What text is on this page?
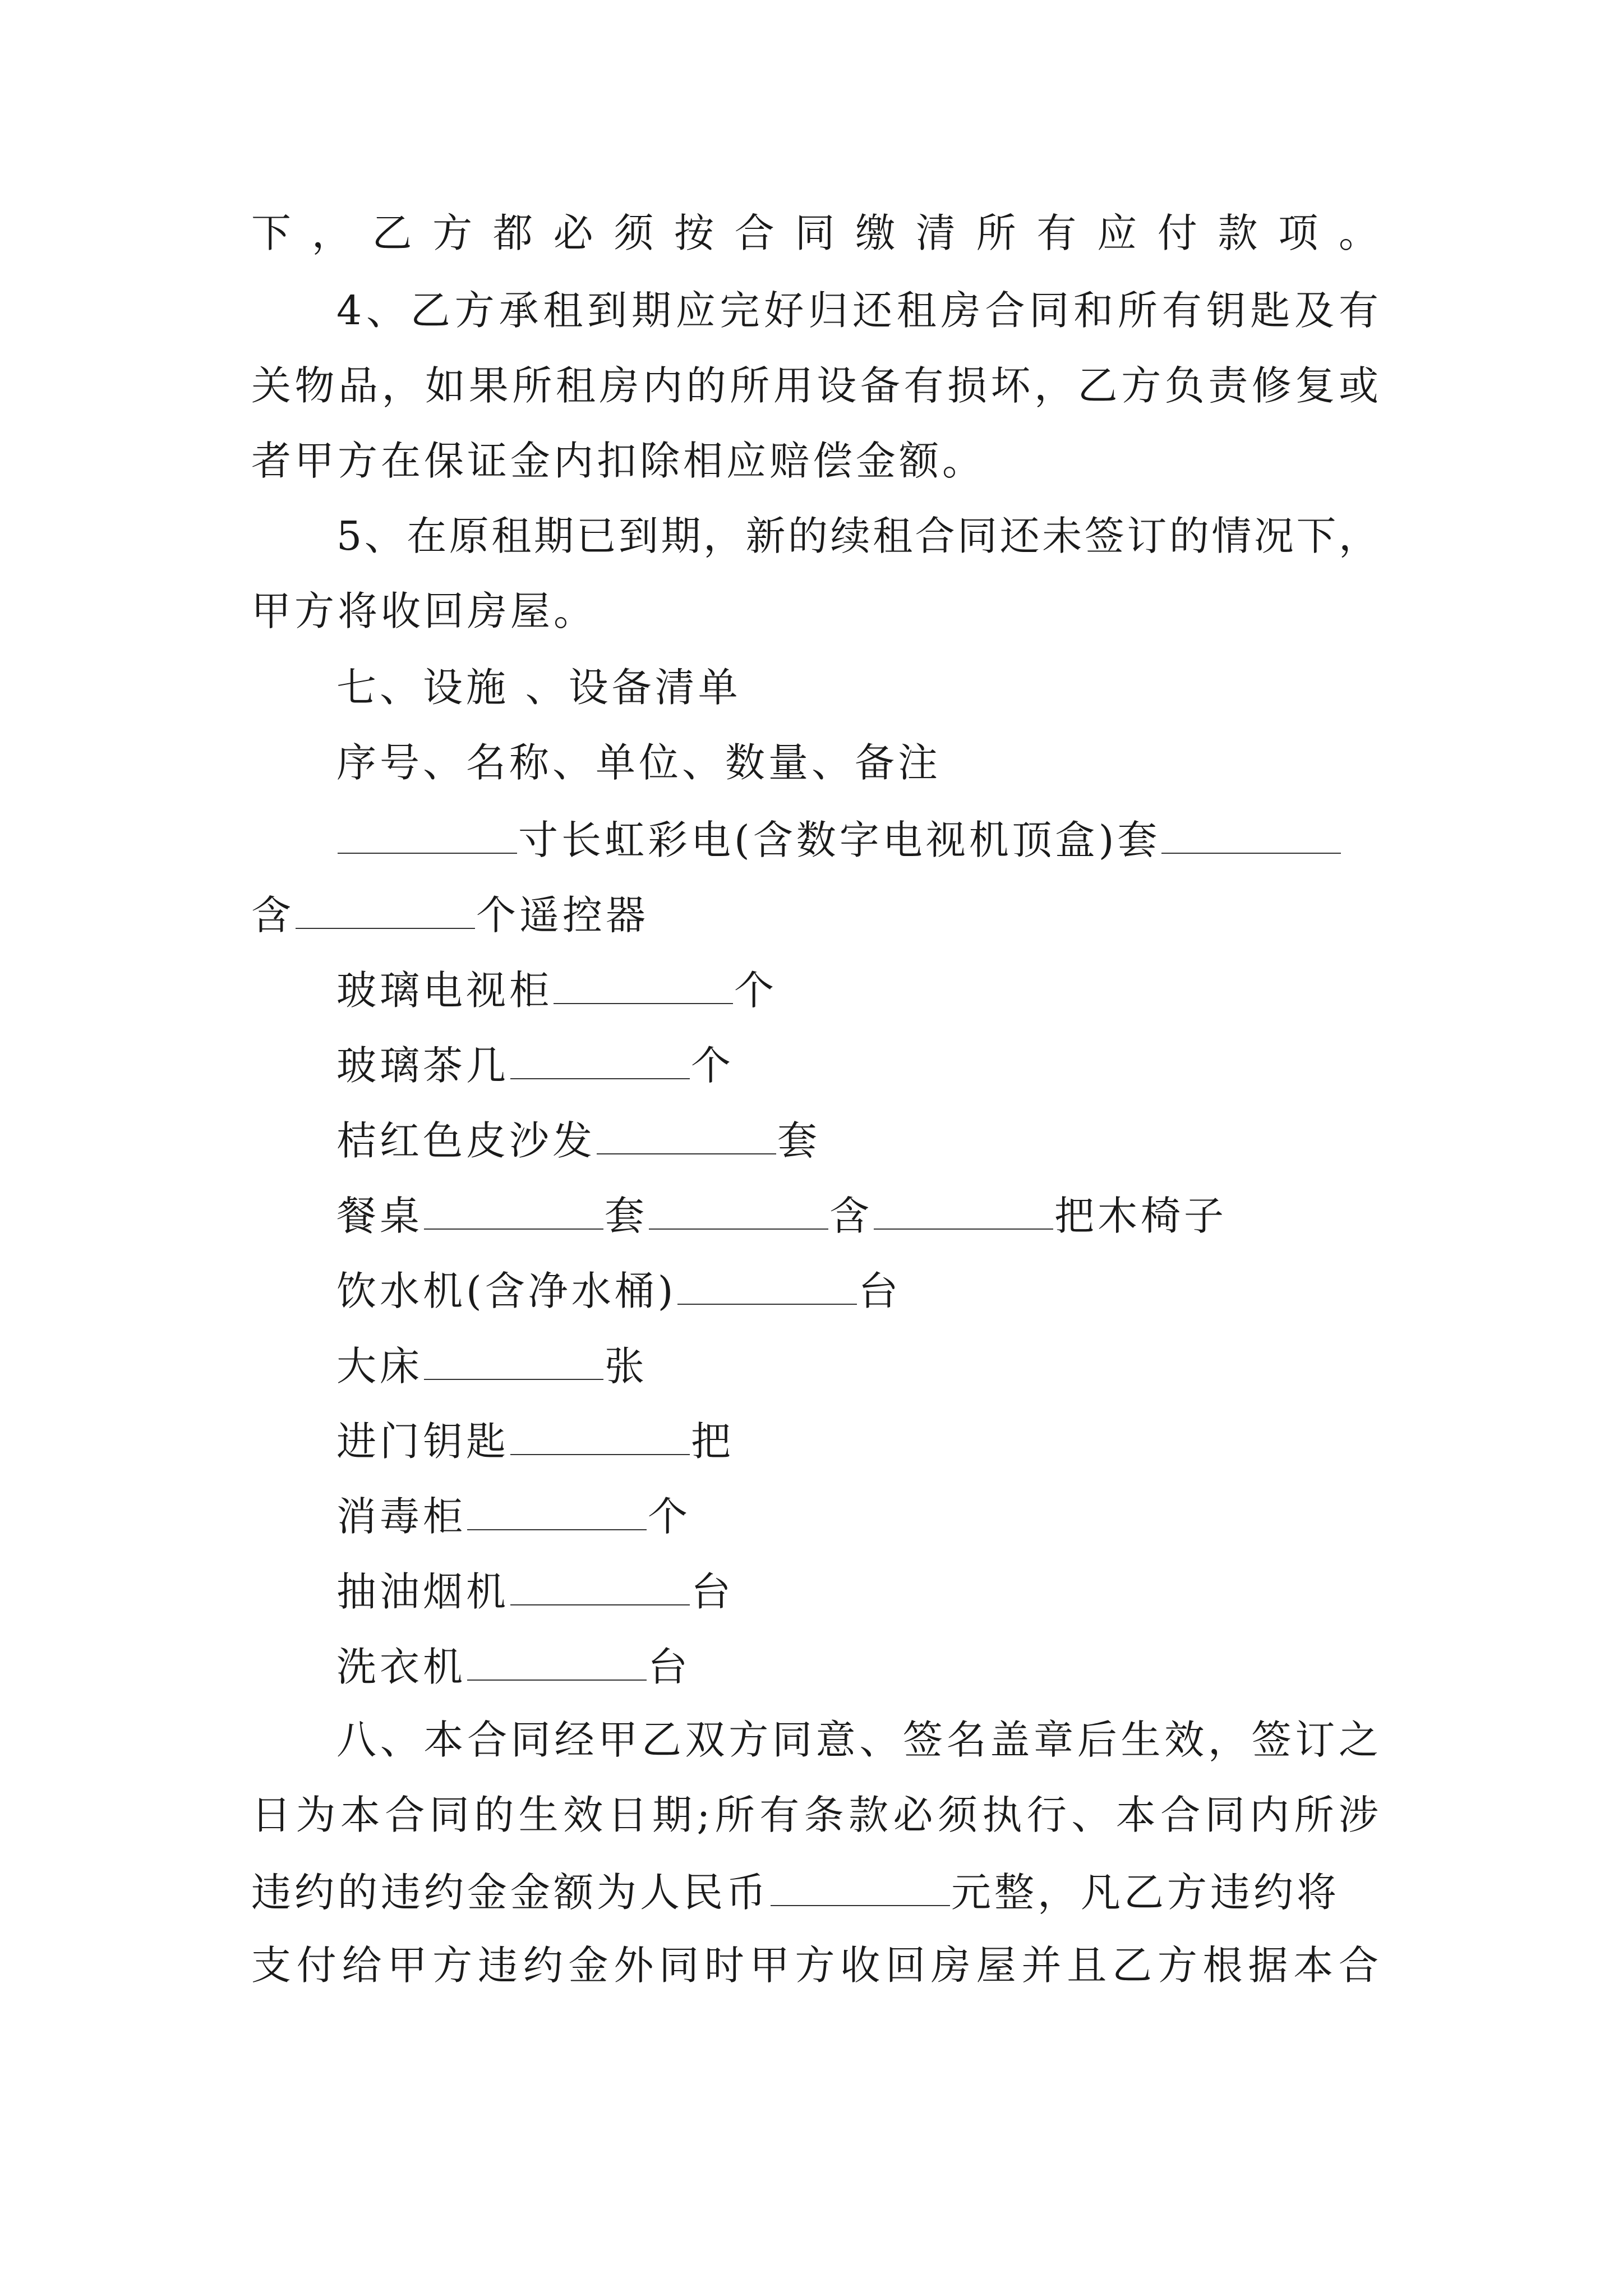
下，乙方都必须按合同缴清所有应付款项。
4、乙方承租到期应完好归还租房合同和所有钥匙及有
关物品，如果所租房内的所用设备有损坏，乙方负责修复或
者甲方在保证金内扣除相应赔偿金额。
5、在原租期已到期，新的续租合同还未签订的情况下，
甲方将收回房屋。
七、设施 、设备清单
序号、名称、单位、数量、备注
寸长虹彩电(含数字电视机顶盒)套
含	个遥控器
玻璃电视柜	个
玻璃茶几	个
桔红色皮沙发	套
餐桌	套	含	把木椅子
饮水机(含净水桶)	台
大床	张
进门钥匙	把
消毒柜	个
抽油烟机	台
洗衣机	台
八、本合同经甲乙双方同意、签名盖章后生效，签订之
日为本合同的生效日期;所有条款必须执行、本合同内所涉
违约的违约金金额为人民币	元整，凡乙方违约将
支付给甲方违约金外同时甲方收回房屋并且乙方根据本合
